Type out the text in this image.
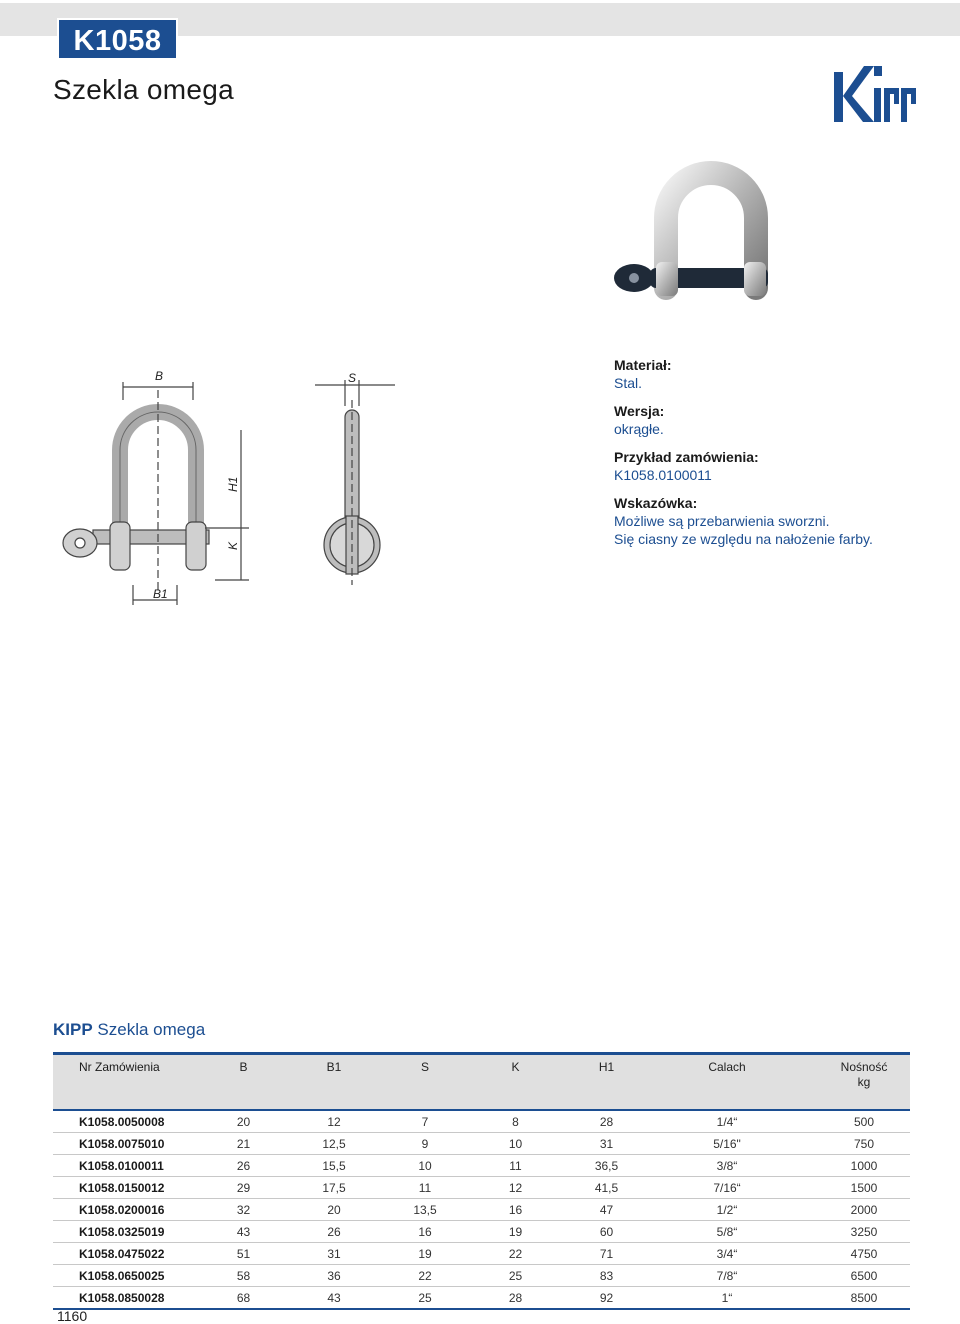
K1058
Szekla omega
B	S
H1
K
B1
Materiał:
Stal.
Wersja:
okrągłe.
Przykład zamówienia:
K1058.0100011
Wskazówka:
Możliwe są przebarwienia sworzni.
Się ciasny ze względu na nałożenie farby.
KIPP Szekla omega
Nr Zamówienia	B	B1	S	K	H1	Calach	Nośność
kg
K1058.0050008	20	12	7	8	28	1/4“	500
K1058.0075010	21	12,5	9	10	31	5/16"	750
K1058.0100011	26	15,5	10	11	36,5	3/8“	1000
K1058.0150012	29	17,5	11	12	41,5	7/16“	1500
K1058.0200016	32	20	13,5	16	47	1/2“	2000
K1058.0325019	43	26	16	19	60	5/8“	3250
K1058.0475022	51	31	19	22	71	3/4“	4750
K1058.0650025	58	36	22	25	83	7/8“	6500
K1058.0850028	68	43	25	28	92	1“	8500
1160
